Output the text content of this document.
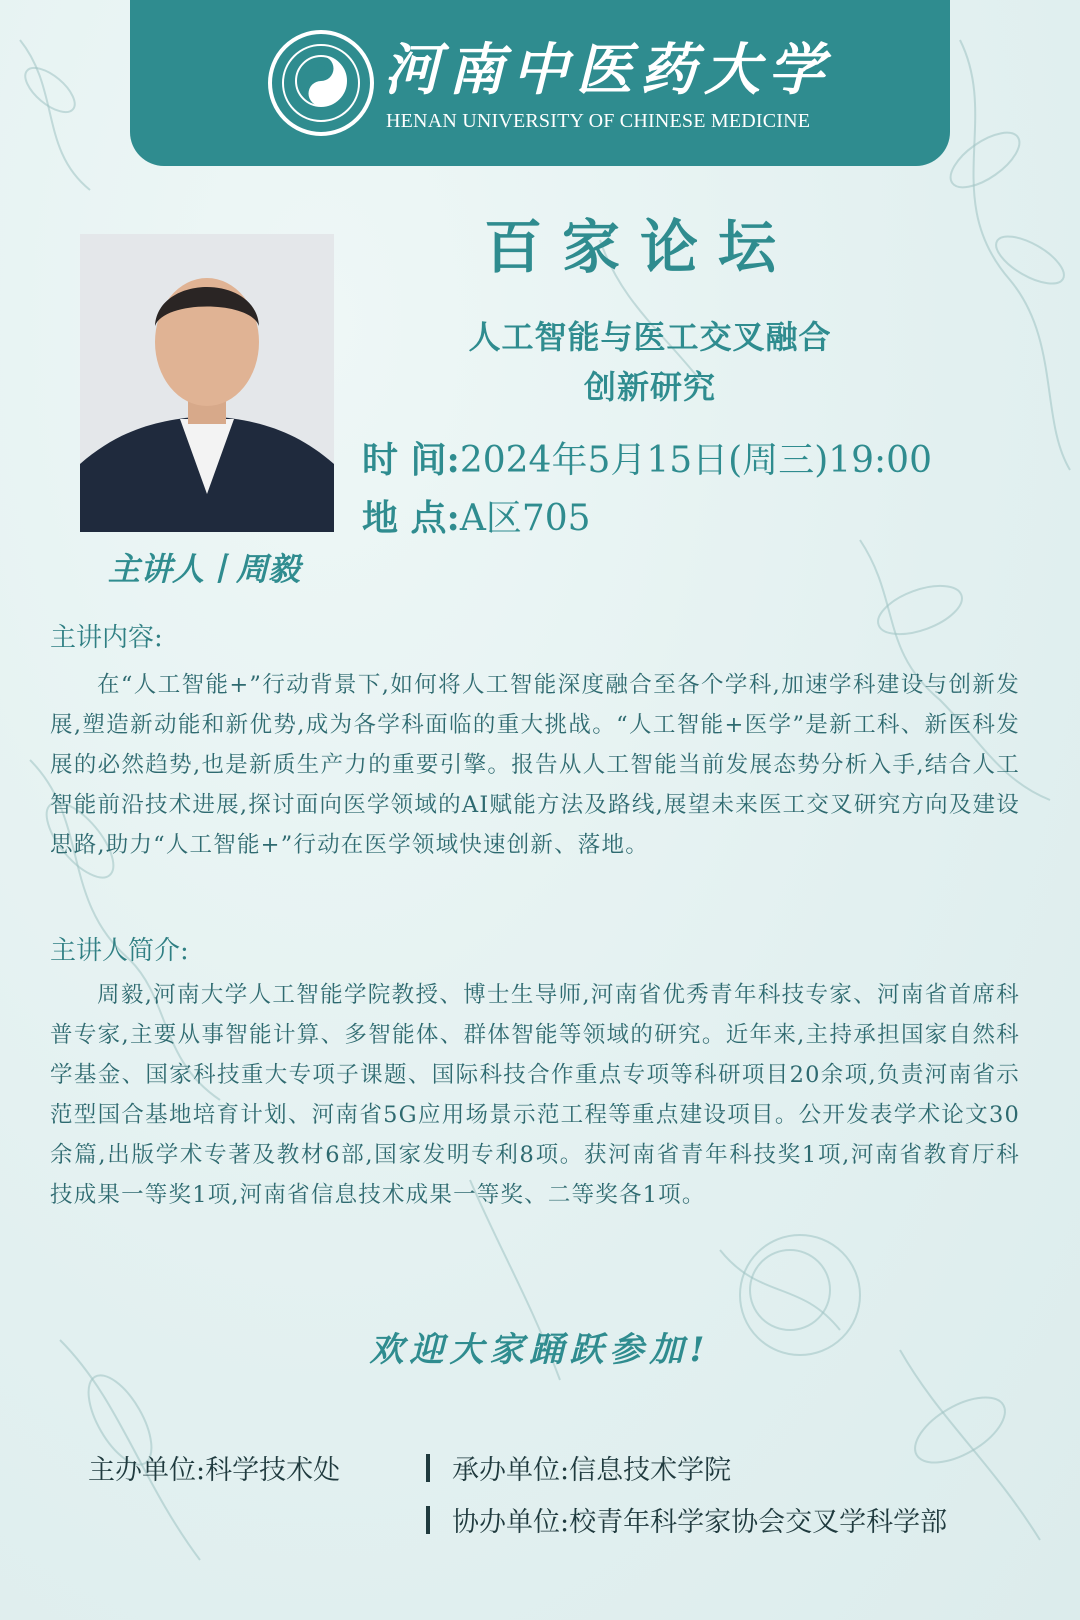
河南中医药大学
HENAN UNIVERSITY OF CHINESE MEDICINE
百家论坛
主讲人丨周毅
人工智能与医工交叉融合
创新研究
时 间:2024年5月15日(周三)19:00
地 点:A区705
主讲内容:
在“人工智能+”行动背景下,如何将人工智能深度融合至各个学科,加速学科建设与创新发展,塑造新动能和新优势,成为各学科面临的重大挑战。“人工智能+医学”是新工科、新医科发展的必然趋势,也是新质生产力的重要引擎。报告从人工智能当前发展态势分析入手,结合人工智能前沿技术进展,探讨面向医学领域的AI赋能方法及路线,展望未来医工交叉研究方向及建设思路,助力“人工智能+”行动在医学领域快速创新、落地。
主讲人简介:
周毅,河南大学人工智能学院教授、博士生导师,河南省优秀青年科技专家、河南省首席科普专家,主要从事智能计算、多智能体、群体智能等领域的研究。近年来,主持承担国家自然科学基金、国家科技重大专项子课题、国际科技合作重点专项等科研项目20余项,负责河南省示范型国合基地培育计划、河南省5G应用场景示范工程等重点建设项目。公开发表学术论文30余篇,出版学术专著及教材6部,国家发明专利8项。获河南省青年科技奖1项,河南省教育厅科技成果一等奖1项,河南省信息技术成果一等奖、二等奖各1项。
欢迎大家踊跃参加!
主办单位:科学技术处	承办单位:信息技术学院
协办单位:校青年科学家协会交叉学科学部
